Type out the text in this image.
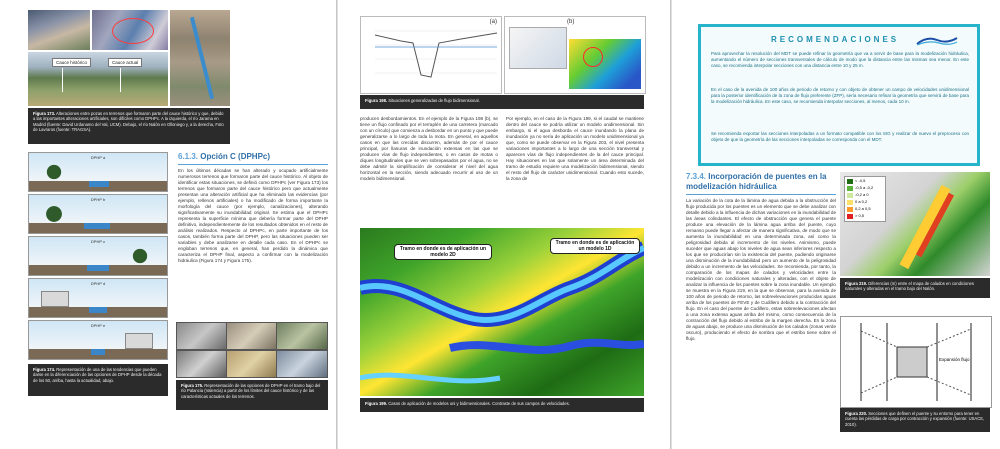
Cauce histórico	Cauce actual
Figura 173. Alteraciones entre pozas en terrenos que formaron parte del cauce histórico y que, debido a las importantes alteraciones artificiales, son difíciles como DPHPc. A la izquierda, el río Jarama en Madrid (fuente: David Urdanamo del Val, UCM). Debajo, el río Nalón en Olloniego y, a la derecha, Foto de Lavraros (fuente: TRAGSA).
6.1.3. Opción C (DPHPc)
En los últimos décadas se han alterado y ocupado artificialmente numerosos terrenos que formaron parte del cauce histórico. Al objeto de identificar estas situaciones, se definió como DPHPc (ver Figura 173) los terrenos que formaron parte del cauce histórico pero que actualmente presentan una alteración artificial que ha eliminado las evidencias (por ejemplo, rellenos artificiales) o ha modificado de forma importante la morfología del cauce (por ejemplo, canalizaciones), alterando significativamente su inundabilidad original. Se estima que el DPHPc representa la superficie mínima que debería formar parte del DPHP definitivo, independientemente de los resultados obtenidos en el resto de análisis realizados. Respecto al DPHPc, en parte importante de los casos, también forma parte del DPHP, pero las situaciones pueden ser variables y debe analizarse en detalle cada caso. En el DPHPc se engloban terrenos que, en general, han perdido la dinámica que caracteriza el DPHP final, aspecto a confirmar con la modelización hidráulica (Figura 174 y Figura 175).
DPHP a
DPHP b
DPHP c
DPHP d
DPHP e
Figura 174. Representación de una de las tendencias que pueden darse en la diferenciación de las opciones de DPHP desde la década de los 50, arriba, hasta la actualidad, abajo.
Figura 175. Representación de las opciones de DPHP en el tramo bajo del río Palancia (Valencia) a partir de los límites del cauce histórico y de las características actuales de los terrenos.
(a)	(b)
Figura 198. Situaciones generalizadas de flujo bidimensional.
producen desbordamientos. En el ejemplo de la Figura 198 (b), se tiene un flujo confinado por el terraplén de una carretera (marcado con un círculo) que comienza a desbordar en un punto y que puede generalizarse a lo largo de toda la mota. En general, en aquellos casos en que las crecidas discurren, además de por el cauce principal, por llanuras de inundación extensas en las que se producen vías de flujo independientes, o en casos de motas o diques longitudinales que se ven sobrepasados por el agua, no se debe admitir la simplificación de considerar el nivel del agua horizontal en la sección, siendo adecuado recurrir al uso de un modelo bidimensional.
Por ejemplo, en el caso de la Figura 199, si el caudal se mantiene dentro del cauce se podría utilizar un modelo unidimensional. Sin embargo, si el agua desborda el cauce inundando la plana de inundación ya no sería de aplicación un modelo unidimensional ya que, como se puede observar en la Figura 203, el nivel presenta variaciones importantes a lo largo de una sección transversal y aparecen vías de flujo independientes de la del cauce principal. Hay situaciones en las que solamente un área determinada del tramo de estudio requiere una modelización bidimensional, siendo el resto del flujo de carácter unidimensional. Cuando esto sucede, la zona de
Tramo en donde es de aplicación un modelo 2D
Tramo en donde es de aplicación un modelo 1D
Figura 199. Casos de aplicación de modelos uni y bidimensionales. Contraste de sus campos de velocidades.
7.3.4. Incorporación de puentes en la modelización hidráulica
La variación de la cota de la lámina de agua debida a la obstrucción del flujo producida por los puentes es un elemento que se debe analizar con detalle debido a la influencia de dichas variaciones en la inundabilidad de las áreas colindantes. El efecto de obstrucción que genera el puente produce una elevación de la lámina agua arriba del puente, cuyo remanso puede llegar a afectar de manera significativa, de modo que se aumenta la inundabilidad en una determinada zona, así como la peligrosidad debida al incremento de los niveles. Asimismo, puede suceder que aguas abajo los niveles de agua sean inferiores respecto a los que se producirían sin la existencia del puente, pudiendo originarse una disminución de la inundabilidad pero un aumento de la peligrosidad debido a un incremento de las velocidades. Se recomienda, por tanto, la comparación de los mapas de calados y velocidades entre la modelización con condiciones naturales y alteradas, con el objeto de analizar la influencia de los puentes sobre la zona inundable. Un ejemplo se muestra en la Figura 219, en la que se observan, para la avenida de 100 años de periodo de retorno, las sobreelevaciones producidas aguas arriba de los puentes de FEVE y de Cudillero debido a la contracción del flujo. En el caso del puente de Cudillero, estas sobreelevaciones afectan a una zona extensa aguas arriba del mismo, como consecuencia de la contracción del flujo debido al estribo de la margen derecha. En la zona de aguas abajo, se produce una disminución de los calados (zonas verde oscuro), produciendo el efecto de sombra que el estribo tiene sobre el flujo.
< -0,5
-0,5 a -0,2
-0,2 a 0
0 a 0,2
0,2 a 0,5
> 0,5
Figura 219. Diferencias (m) entre el mapa de calados en condiciones naturales y alteradas en el tramo bajo del Nalón.
Expansión flujo
Figura 220. Secciones que definen el puente y su entorno para tener en cuenta las pérdidas de carga por contracción y expansión (fuente: USACE, 2010).
RECOMENDACIONES

Para aprovechar la resolución del MDT se puede refinar la geometría que va a servir de base para la modelización hidráulica, aumentando el número de secciones transversales de cálculo de modo que la distancia entre las mismas sea menor. En este caso, se recomienda interpolar secciones con una distancia entre 10 y 25 m.

En el caso de la avenida de 100 años de periodo de retorno y con objeto de obtener un campo de velocidades unidimensional para la posterior identificación de la zona de flujo preferente (ZFP), sería necesario refinar la geometría que servirá de base para la modelización hidráulica. En este caso, se recomienda interpolar secciones, al menos, cada 10 m.

Se recomienda exportar las secciones interpoladas a un formato compatible con los SIG y realizar de nuevo el preproceso con objeto de que la geometría de las secciones interpoladas se corresponda con el MDT.
